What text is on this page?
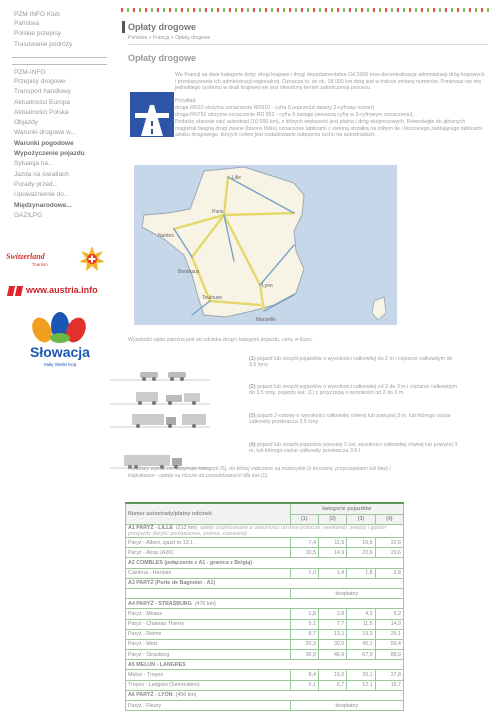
PZM INFO Klub
Państwa
Polskie przepisy
Trasowanie podróży
PZM-INFO
Przepisy drogowe
Transport handlowy
Aktualności Europa
Aktualności Polska
Objazdy
Warunki drogowe w...
Warunki pogodowe
Wypożyczenie pojazdu
Sytuacja na...
Jazda na światłach
Porady przed...
Upoważnienie do...
Międzynarodowe...
GAZ/LPG
Switzerland
Tourism
www.austria.info
Słowacja
Mały Wielki Kraj
Opłaty drogowe
Państwa > Francja > Opłaty drogowe
Opłaty drogowe
We Francji są dwie kategorie dróg: drogi krajowe i drogi departamentalne.Od 2006 trwa decentralizacja administracji dróg krajowych i przekazywanie ich administracji regionalnej. Oznacza to, że ok. 18 000 km dróg jest w trakcie zmiany numerów. Ponieważ nie ma jednolitego systemu w skali krajowej nie jest określony termin zakończenia procesu.
Przykład:
droga RN10 otrzyma oznaczenie RD910 - cyfra 9 poprzedzi dawny 2-cyfrowy numer)
droga RN752 otrzyma oznaczenie RD 952 - cyfra 9 zastąpi pierwszą cyfrę w 3-cyfrowym oznaczeniu),
Podaćto obecnie sieć autostrad (10 000 km), z których większość jest płatna i dróg ekspresowych. Równolegle do głównych magistral biegną drogi zwane (bisons fûtés) oznaczone tablicami z zieloną strzałką na żółtym tle i tłoczonego zaldującego tablicami szlaku drogowego, których celem jest rozładowanie natężenia ruchu na autostradach.
Lille
Paris
Nantes
Bordeaux
Toulouse
Lyon
Marseille
Wysokość opłat zależna jest od odcinka drogi i kategorii pojazdu, ceny w Euro:
(1) pojazd lub zespół pojazdów o wysokości całkowitej do 2 m i ciężarze całkowitym do 3.5 tony
(2) pojazd lub zespół pojazdów o wysokości całkowitej od 2 do 3 m i ciężarze całkowitym do 3.5 tony, pojazdy kat. (1) z przyczepą o wysokości od 2 do 3 m
(3) pojazd 2-osiowy o wysokości całkowitej równej lub powyżej 3 m, lub którego ciężar całkowity przekracza 3.5 tony
(4) pojazd lub zespół pojazdów powyżej 2 osi, wysokości całkowitej równej lub powyżej 3 m, lub którego ciężar całkowity przekracza 3.5 t
Poniższy wykaz nie obejmuje kategorii (5), do której zaliczane są motocykle (z koszami, przyczepkami lub bez) i trójkołowce - opłaty są niższe od przewidzianych dla kat.(1).
Numer autostrady/płatny odcinek	kategorie pojazdów			
	(1)	(2)	(3)	(4)
A1 PARYŻ - LILLE (212 km) opłaty zróżnicowane w zależności od dnia (robocze, weekendy, święta) i godzin przejazdu (taryfa: podstawowa, zielona, czerwona)				
Paryż - Albert, zjazd nr 13.1	7,4	11,5	16,5	22,6
Paryż - Arras (A26)	10,5	14,9	22,6	29,6
A2 COMBLES (połączenie z A1 - granica z Belgią)				
Cambrai - Hordain	1,0	1,4	1,8	2,8
A3 PARYŻ (Porte de Bagnolet - A1)				
	bezpłatny			
A4 PARYŻ - STRASBURG (470 km)				
Paryż - Meaux	1,8	2,8	4,3	5,2
Paryż - Chateau Thierry	5,1	7,7	11,5	14,9
Paryż - Reims	8,7	13,1	19,3	25,1
Paryż - Metz	20,3	30,5	45,1	59,4
Paryż - Strasburg	30,9	46,6	67,9	89,9
A5 MELUN - LANGRES				
Melun - Troyes	8,4	16,0	20,1	27,8
Troyes - Langres (Semoutiers)	5,1	6,7	12,1	16,7
A6 PARYŻ - LYON (456 km)				
Paryż - Fleury	bezpłatny			
